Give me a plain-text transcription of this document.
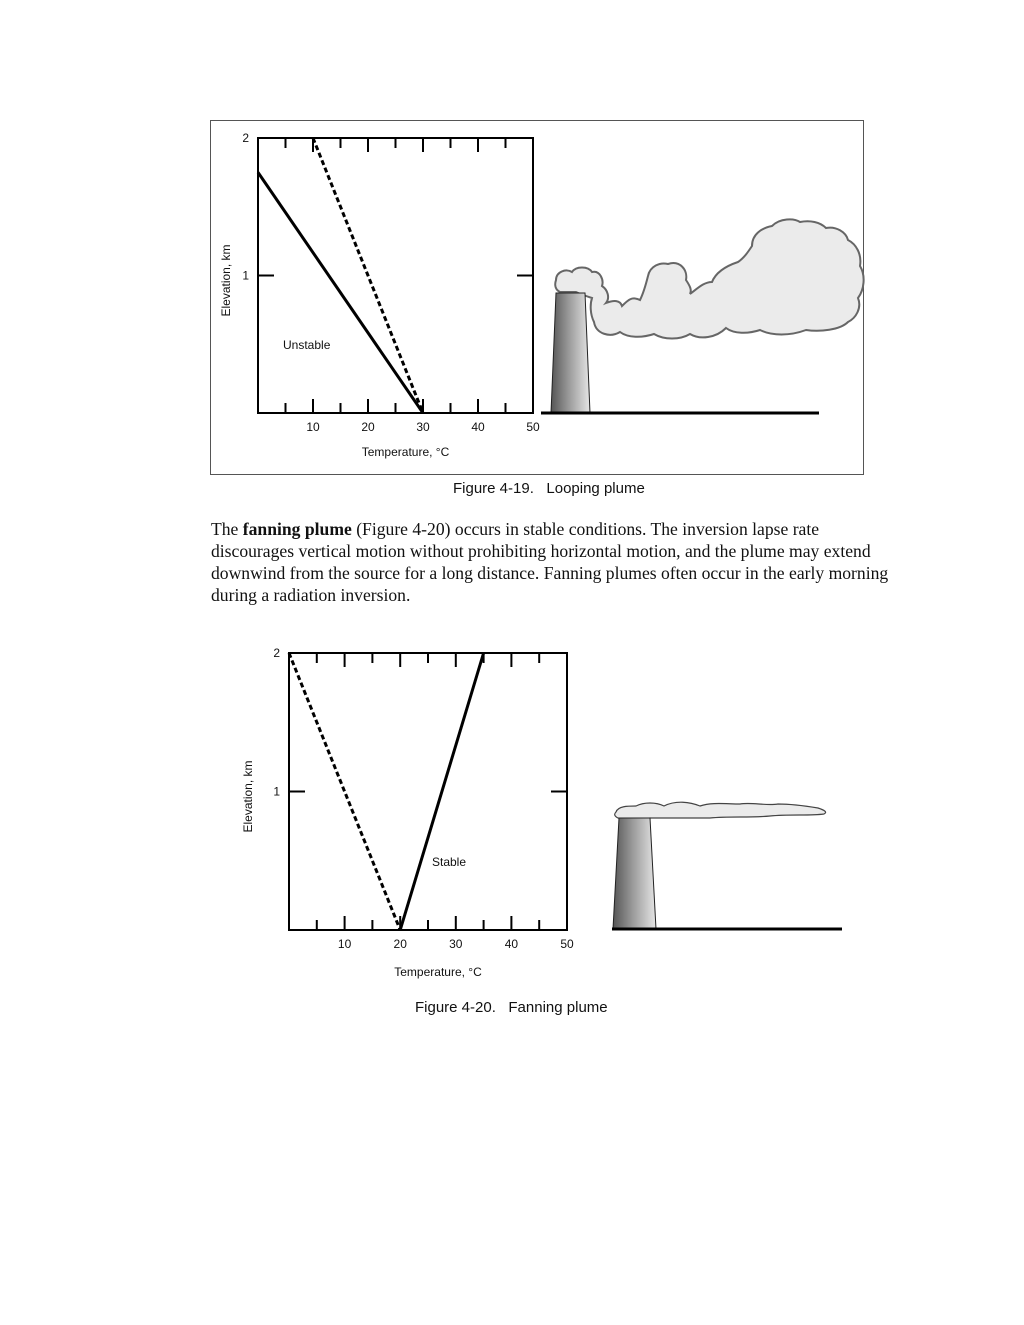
10	20	30	40	50
1
2
Temperature, °C
Elevation, km
Unstable
10	20	30	40	50
1
2
Temperature, °C
Elevation, km
Stable
Figure 4-19. Looping plume

The fanning plume (Figure 4-20) occurs in stable conditions. The inversion lapse rate discourages vertical motion without prohibiting horizontal motion, and the plume may extend downwind from the source for a long distance. Fanning plumes often occur in the early morning during a radiation inversion.

Figure 4-20. Fanning plume
